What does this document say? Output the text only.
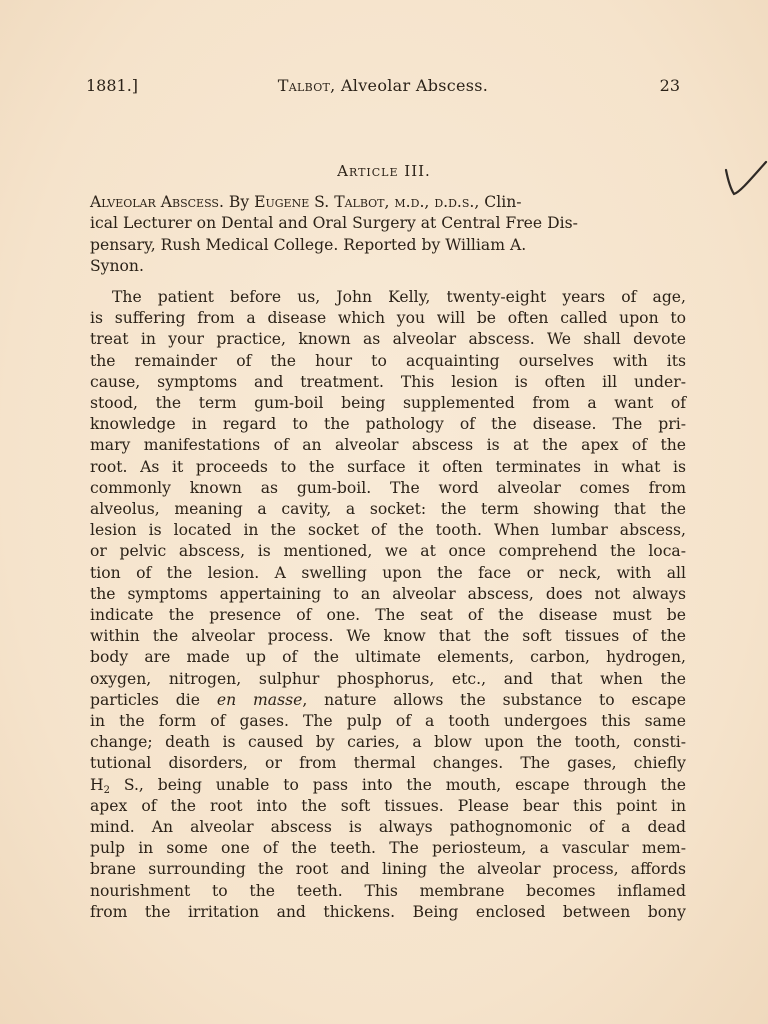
1881.]	Talbot, Alveolar Abscess.	23
Article III.
Alveolar Abscess. By Eugene S. Talbot, m.d., d.d.s., Clin-
ical Lecturer on Dental and Oral Surgery at Central Free Dis-
pensary, Rush Medical College. Reported by William A.
Synon.
The patient before us, John Kelly, twenty-eight years of age,
is suffering from a disease which you will be often called upon to
treat in your practice, known as alveolar abscess. We shall devote
the remainder of the hour to acquainting ourselves with its
cause, symptoms and treatment. This lesion is often ill under-
stood, the term gum-boil being supplemented from a want of
knowledge in regard to the pathology of the disease. The pri-
mary manifestations of an alveolar abscess is at the apex of the
root. As it proceeds to the surface it often terminates in what is
commonly known as gum-boil. The word alveolar comes from
alveolus, meaning a cavity, a socket: the term showing that the
lesion is located in the socket of the tooth. When lumbar abscess,
or pelvic abscess, is mentioned, we at once comprehend the loca-
tion of the lesion. A swelling upon the face or neck, with all
the symptoms appertaining to an alveolar abscess, does not always
indicate the presence of one. The seat of the disease must be
within the alveolar process. We know that the soft tissues of the
body are made up of the ultimate elements, carbon, hydrogen,
oxygen, nitrogen, sulphur phosphorus, etc., and that when the
particles die en masse, nature allows the substance to escape
in the form of gases. The pulp of a tooth undergoes this same
change; death is caused by caries, a blow upon the tooth, consti-
tutional disorders, or from thermal changes. The gases, chiefly
$H_2$ S., being unable to pass into the mouth, escape through the
apex of the root into the soft tissues. Please bear this point in
mind. An alveolar abscess is always pathognomonic of a dead
pulp in some one of the teeth. The periosteum, a vascular mem-
brane surrounding the root and lining the alveolar process, affords
nourishment to the teeth. This membrane becomes inflamed
from the irritation and thickens. Being enclosed between bony
